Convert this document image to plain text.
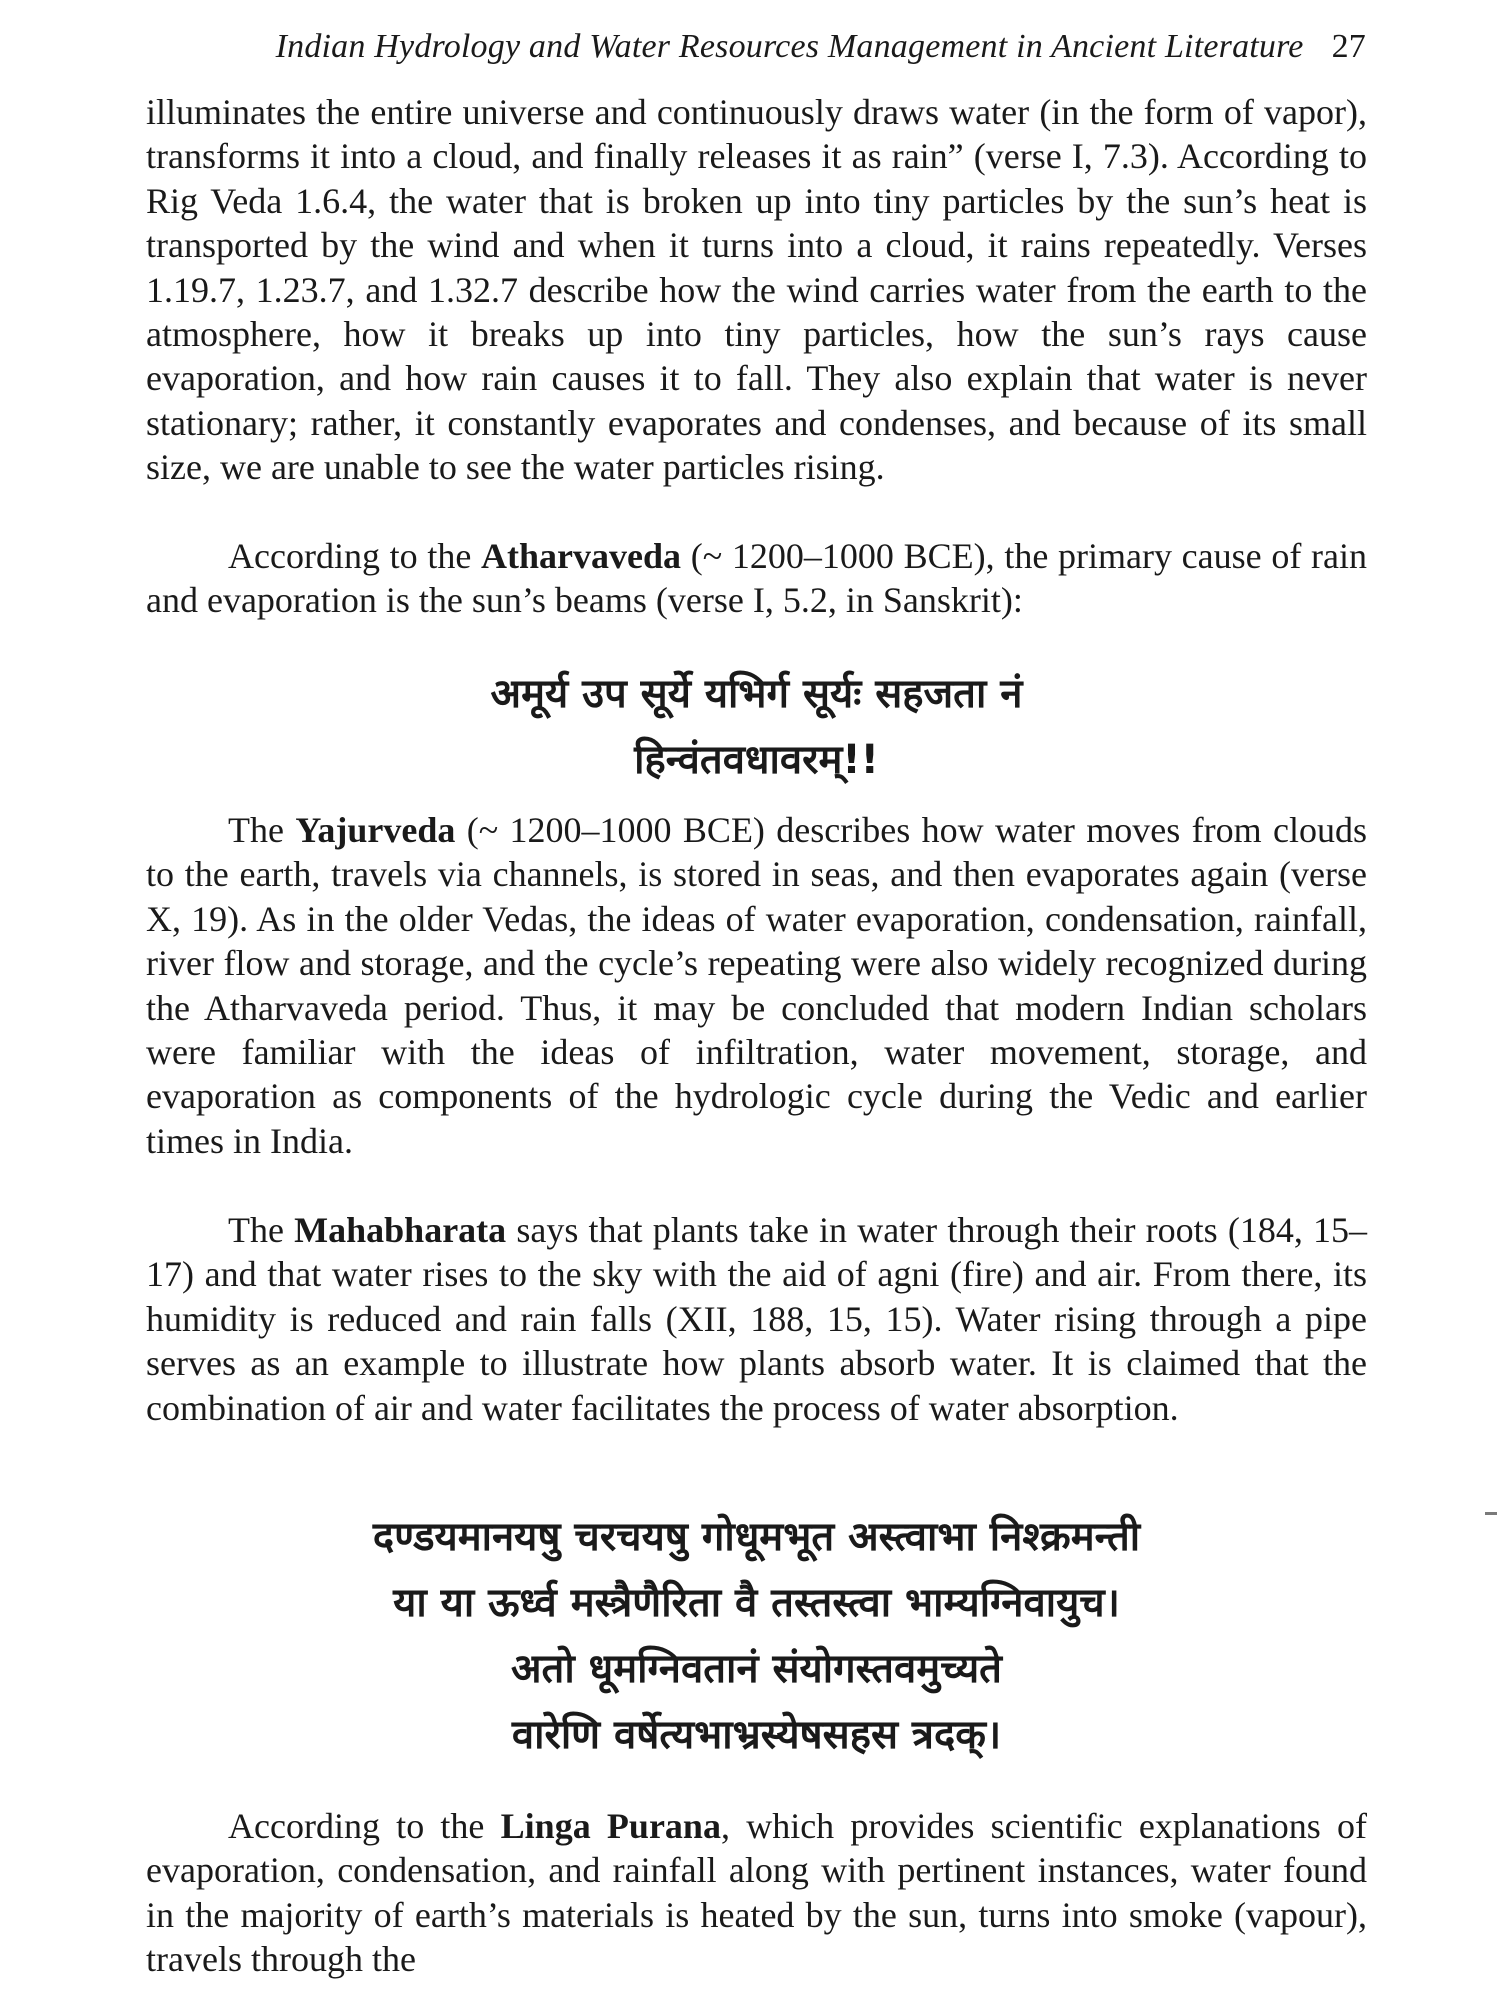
Indian Hydrology and Water Resources Management in Ancient Literature 27

illuminates the entire universe and continuously draws water (in the form of vapor), transforms it into a cloud, and finally releases it as rain” (verse I, 7.3). According to Rig Veda 1.6.4, the water that is broken up into tiny particles by the sun’s heat is transported by the wind and when it turns into a cloud, it rains repeatedly. Verses 1.19.7, 1.23.7, and 1.32.7 describe how the wind carries water from the earth to the atmosphere, how it breaks up into tiny particles, how the sun’s rays cause evaporation, and how rain causes it to fall. They also explain that water is never stationary; rather, it constantly evaporates and condenses, and because of its small size, we are unable to see the water particles rising.

According to the Atharvaveda (~ 1200–1000 BCE), the primary cause of rain and evaporation is the sun’s beams (verse I, 5.2, in Sanskrit):

अमूर्य उप सूर्ये यभिर्ग सूर्यः सहजता नं
हिन्वंतवधावरम्!!

The Yajurveda (~ 1200–1000 BCE) describes how water moves from clouds to the earth, travels via channels, is stored in seas, and then evaporates again (verse X, 19). As in the older Vedas, the ideas of water evaporation, condensation, rainfall, river flow and storage, and the cycle’s repeating were also widely recognized during the Atharvaveda period. Thus, it may be concluded that modern Indian scholars were familiar with the ideas of infiltration, water movement, storage, and evaporation as components of the hydrologic cycle during the Vedic and earlier times in India.

The Mahabharata says that plants take in water through their roots (184, 15–17) and that water rises to the sky with the aid of agni (fire) and air. From there, its humidity is reduced and rain falls (XII, 188, 15, 15). Water rising through a pipe serves as an example to illustrate how plants absorb water. It is claimed that the combination of air and water facilitates the process of water absorption.

दण्डयमानयषु चरचयषु गोधूमभूत अस्त्वाभा निश्क्रमन्ती
या या ऊर्ध्व मस्त्रैणैरिता वै तस्तस्त्वा भाम्यग्निवायुच।
अतो धूमग्निवतानं संयोगस्तवमुच्यते
वारेणि वर्षेत्यभाभ्रस्येषसहस त्रदक्।

According to the Linga Purana, which provides scientific explanations of evaporation, condensation, and rainfall along with pertinent instances, water found in the majority of earth’s materials is heated by the sun, turns into smoke (vapour), travels through the
